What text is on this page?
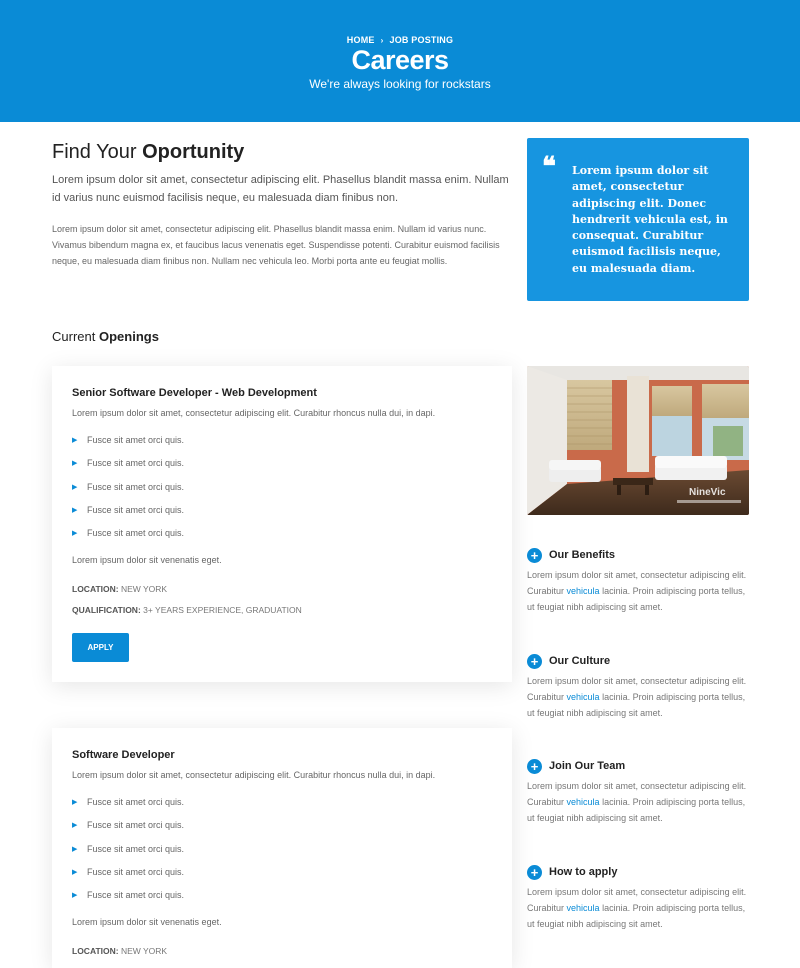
HOME › JOB POSTING
Careers
We're always looking for rockstars
Find Your Oportunity

Lorem ipsum dolor sit amet, consectetur adipiscing elit. Phasellus blandit massa enim. Nullam id varius nunc euismod facilisis neque, eu malesuada diam finibus non.

Lorem ipsum dolor sit amet, consectetur adipiscing elit. Phasellus blandit massa enim. Nullam id varius nunc. Vivamus bibendum magna ex, et faucibus lacus venenatis eget. Suspendisse potenti. Curabitur euismod facilisis neque, eu malesuada diam finibus non. Nullam nec vehicula leo. Morbi porta ante eu feugiat mollis.

❝ Lorem ipsum dolor sit amet, consectetur adipiscing elit. Donec hendrerit vehicula est, in consequat. Curabitur euismod facilisis neque, eu malesuada diam.
Current Openings
Senior Software Developer - Web Development
Lorem ipsum dolor sit amet, consectetur adipiscing elit. Curabitur rhoncus nulla dui, in dapi.
▶ Fusce sit amet orci quis.
▶ Fusce sit amet orci quis.
▶ Fusce sit amet orci quis.
▶ Fusce sit amet orci quis.
▶ Fusce sit amet orci quis.
Lorem ipsum dolor sit venenatis eget.
LOCATION: NEW YORK
QUALIFICATION: 3+ YEARS EXPERIENCE, GRADUATION
APPLY
Software Developer
Lorem ipsum dolor sit amet, consectetur adipiscing elit. Curabitur rhoncus nulla dui, in dapi.
▶ Fusce sit amet orci quis.
▶ Fusce sit amet orci quis.
▶ Fusce sit amet orci quis.
▶ Fusce sit amet orci quis.
▶ Fusce sit amet orci quis.
Lorem ipsum dolor sit venenatis eget.
LOCATION: NEW YORK
NineVic
+ Our Benefits
Lorem ipsum dolor sit amet, consectetur adipiscing elit. Curabitur vehicula lacinia. Proin adipiscing porta tellus, ut feugiat nibh adipiscing sit amet.
+ Our Culture
Lorem ipsum dolor sit amet, consectetur adipiscing elit. Curabitur vehicula lacinia. Proin adipiscing porta tellus, ut feugiat nibh adipiscing sit amet.
+ Join Our Team
Lorem ipsum dolor sit amet, consectetur adipiscing elit. Curabitur vehicula lacinia. Proin adipiscing porta tellus, ut feugiat nibh adipiscing sit amet.
+ How to apply
Lorem ipsum dolor sit amet, consectetur adipiscing elit. Curabitur vehicula lacinia. Proin adipiscing porta tellus, ut feugiat nibh adipiscing sit amet.
